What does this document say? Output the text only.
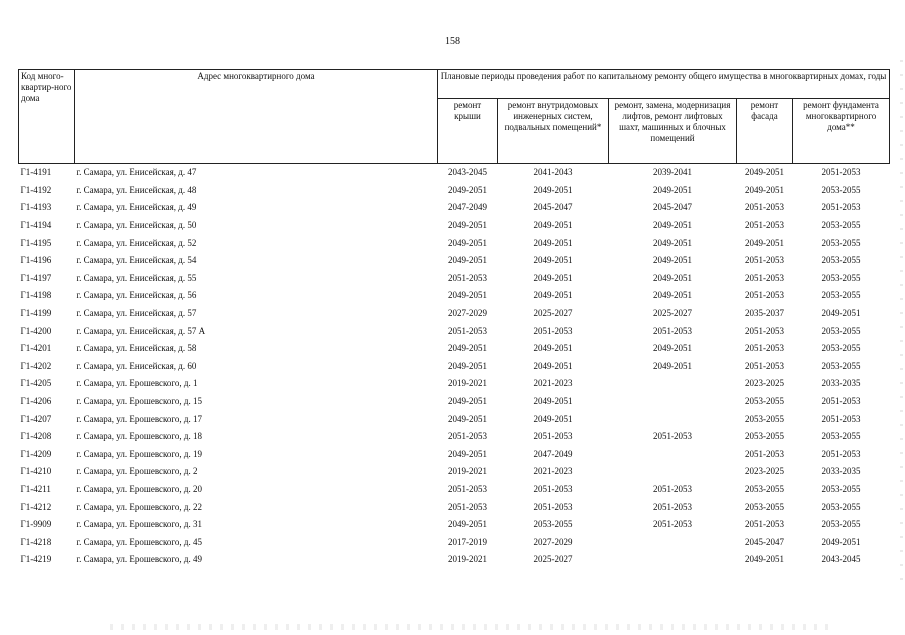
158
Код много-квартир-ного дома	Адрес многоквартирного дома	Плановые периоды проведения работ по капитальному ремонту общего имущества в многоквартирных домах, годы				
		ремонт крыши	ремонт внутридомовых инженерных систем, подвальных помещений*	ремонт, замена, модернизация лифтов, ремонт лифтовых шахт, машинных и блочных помещений	ремонт фасада	ремонт фундамента многоквартирного дома**
Г1-4191	г. Самара, ул. Енисейская, д. 47	2043-2045	2041-2043	2039-2041	2049-2051	2051-2053
Г1-4192	г. Самара, ул. Енисейская, д. 48	2049-2051	2049-2051	2049-2051	2049-2051	2053-2055
Г1-4193	г. Самара, ул. Енисейская, д. 49	2047-2049	2045-2047	2045-2047	2051-2053	2051-2053
Г1-4194	г. Самара, ул. Енисейская, д. 50	2049-2051	2049-2051	2049-2051	2051-2053	2053-2055
Г1-4195	г. Самара, ул. Енисейская, д. 52	2049-2051	2049-2051	2049-2051	2049-2051	2053-2055
Г1-4196	г. Самара, ул. Енисейская, д. 54	2049-2051	2049-2051	2049-2051	2051-2053	2053-2055
Г1-4197	г. Самара, ул. Енисейская, д. 55	2051-2053	2049-2051	2049-2051	2051-2053	2053-2055
Г1-4198	г. Самара, ул. Енисейская, д. 56	2049-2051	2049-2051	2049-2051	2051-2053	2053-2055
Г1-4199	г. Самара, ул. Енисейская, д. 57	2027-2029	2025-2027	2025-2027	2035-2037	2049-2051
Г1-4200	г. Самара, ул. Енисейская, д. 57 А	2051-2053	2051-2053	2051-2053	2051-2053	2053-2055
Г1-4201	г. Самара, ул. Енисейская, д. 58	2049-2051	2049-2051	2049-2051	2051-2053	2053-2055
Г1-4202	г. Самара, ул. Енисейская, д. 60	2049-2051	2049-2051	2049-2051	2051-2053	2053-2055
Г1-4205	г. Самара, ул. Ерошевского, д. 1	2019-2021	2021-2023		2023-2025	2033-2035
Г1-4206	г. Самара, ул. Ерошевского, д. 15	2049-2051	2049-2051		2053-2055	2051-2053
Г1-4207	г. Самара, ул. Ерошевского, д. 17	2049-2051	2049-2051		2053-2055	2051-2053
Г1-4208	г. Самара, ул. Ерошевского, д. 18	2051-2053	2051-2053	2051-2053	2053-2055	2053-2055
Г1-4209	г. Самара, ул. Ерошевского, д. 19	2049-2051	2047-2049		2051-2053	2051-2053
Г1-4210	г. Самара, ул. Ерошевского, д. 2	2019-2021	2021-2023		2023-2025	2033-2035
Г1-4211	г. Самара, ул. Ерошевского, д. 20	2051-2053	2051-2053	2051-2053	2053-2055	2053-2055
Г1-4212	г. Самара, ул. Ерошевского, д. 22	2051-2053	2051-2053	2051-2053	2053-2055	2053-2055
Г1-9909	г. Самара, ул. Ерошевского, д. 31	2049-2051	2053-2055	2051-2053	2051-2053	2053-2055
Г1-4218	г. Самара, ул. Ерошевского, д. 45	2017-2019	2027-2029		2045-2047	2049-2051
Г1-4219	г. Самара, ул. Ерошевского, д. 49	2019-2021	2025-2027		2049-2051	2043-2045
